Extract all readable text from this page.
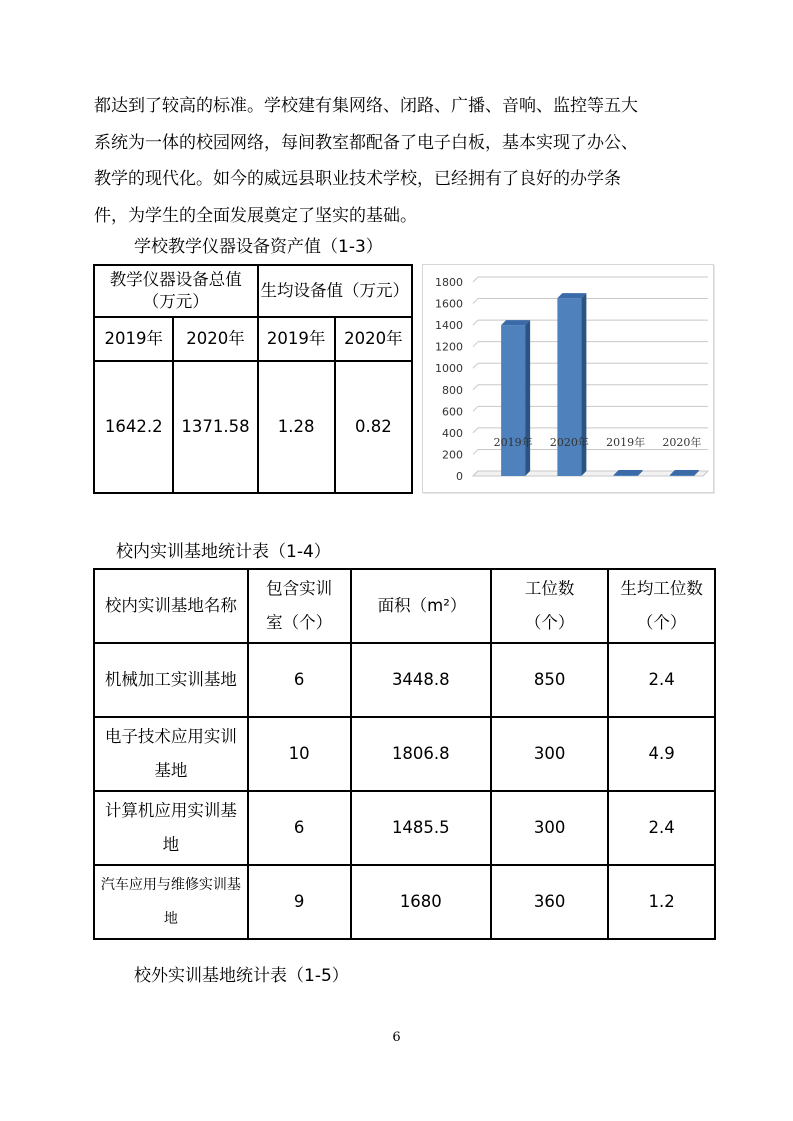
都达到了较高的标准。学校建有集网络、闭路、广播、音响、监控等五大
系统为一体的校园网络，每间教室都配备了电子白板，基本实现了办公、
教学的现代化。如今的威远县职业技术学校，已经拥有了良好的办学条
件，为学生的全面发展奠定了坚实的基础。
学校教学仪器设备资产值（1-3）
教学仪器设备总值（万元）		生均设备值（万元）	
2019年	2020年	2019年	2020年
1642.2	1371.58	1.28	0.82
0
200
400
600
800
1000
1200
1400
1600
1800
2019年 2020年 2019年 2020年
校内实训基地统计表（1-4）
校内实训基地名称	包含实训室（个）	面积（m²）	工位数（个）	生均工位数（个）
机械加工实训基地	6	3448.8	850	2.4
电子技术应用实训基地	10	1806.8	300	4.9
计算机应用实训基地	6	1485.5	300	2.4
汽车应用与维修实训基地	9	1680	360	1.2
校外实训基地统计表（1-5）
6
